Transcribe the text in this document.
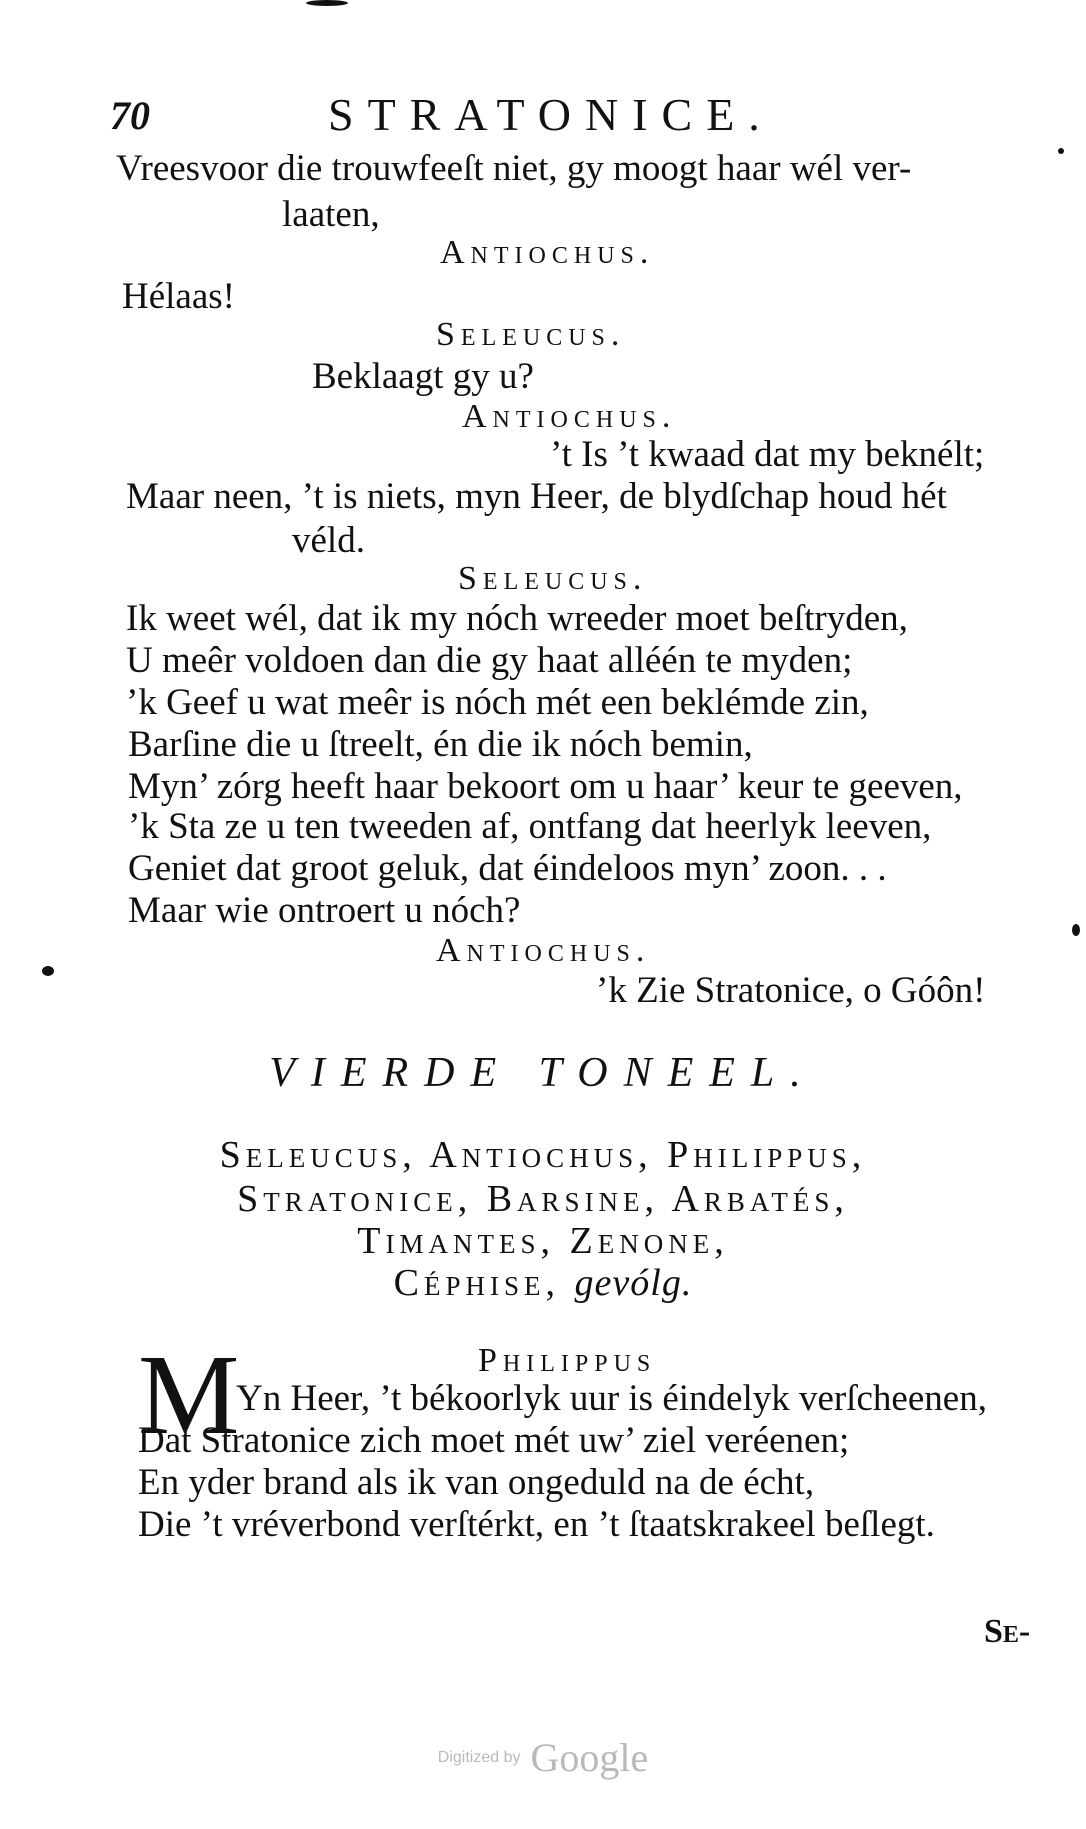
70	STRATONICE.
Vreesvoor die trouwfeeſt niet, gy moogt haar wél ver-
laaten,
Antiochus.
Hélaas!
Seleucus.
Beklaagt gy u?
Antiochus.
’t Is ’t kwaad dat my beknélt;
Maar neen, ’t is niets, myn Heer, de blydſchap houd hét
véld.
Seleucus.
Ik weet wél, dat ik my nóch wreeder moet beſtryden,
U meêr voldoen dan die gy haat alléén te myden;
’k Geef u wat meêr is nóch mét een beklémde zin,
Barſine die u ſtreelt, én die ik nóch bemin,
Myn’ zórg heeft haar bekoort om u haar’ keur te geeven,
’k Sta ze u ten tweeden af, ontfang dat heerlyk leeven,
Geniet dat groot geluk, dat éindeloos myn’ zoon. . .
Maar wie ontroert u nóch?
Antiochus.
’k Zie Stratonice, o Góôn!
VIERDE TONEEL.
Seleucus, Antiochus, Philippus,
Stratonice, Barsine, Arbatés,
Timantes, Zenone,
Céphise, gevólg.
M	Philippus
Yn Heer, ’t békoorlyk uur is éindelyk verſcheenen,
Dat Stratonice zich moet mét uw’ ziel veréenen;
En yder brand als ik van ongeduld na de écht,
Die ’t vréverbond verſtérkt, en ’t ſtaatskrakeel beſlegt.
Se-
Digitized by Google
